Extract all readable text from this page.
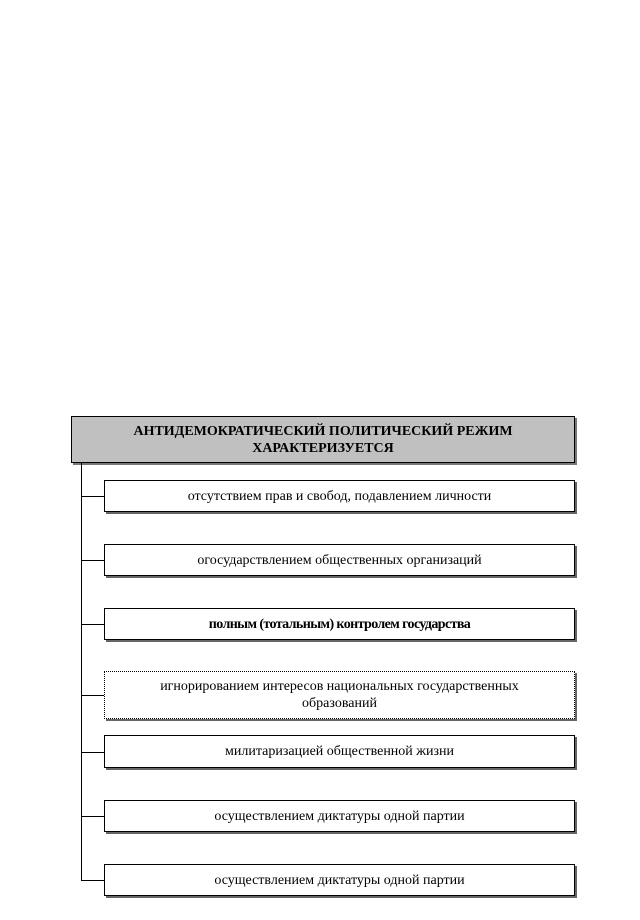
АНТИДЕМОКРАТИЧЕСКИЙ ПОЛИТИЧЕСКИЙ РЕЖИМ
ХАРАКТЕРИЗУЕТСЯ
отсутствием прав и свобод, подавлением личности
огосударствлением общественных организаций
полным (тотальным) контролем государства
игнорированием интересов национальных государственных образований
милитаризацией общественной жизни
осуществлением диктатуры одной партии
осуществлением диктатуры одной партии
